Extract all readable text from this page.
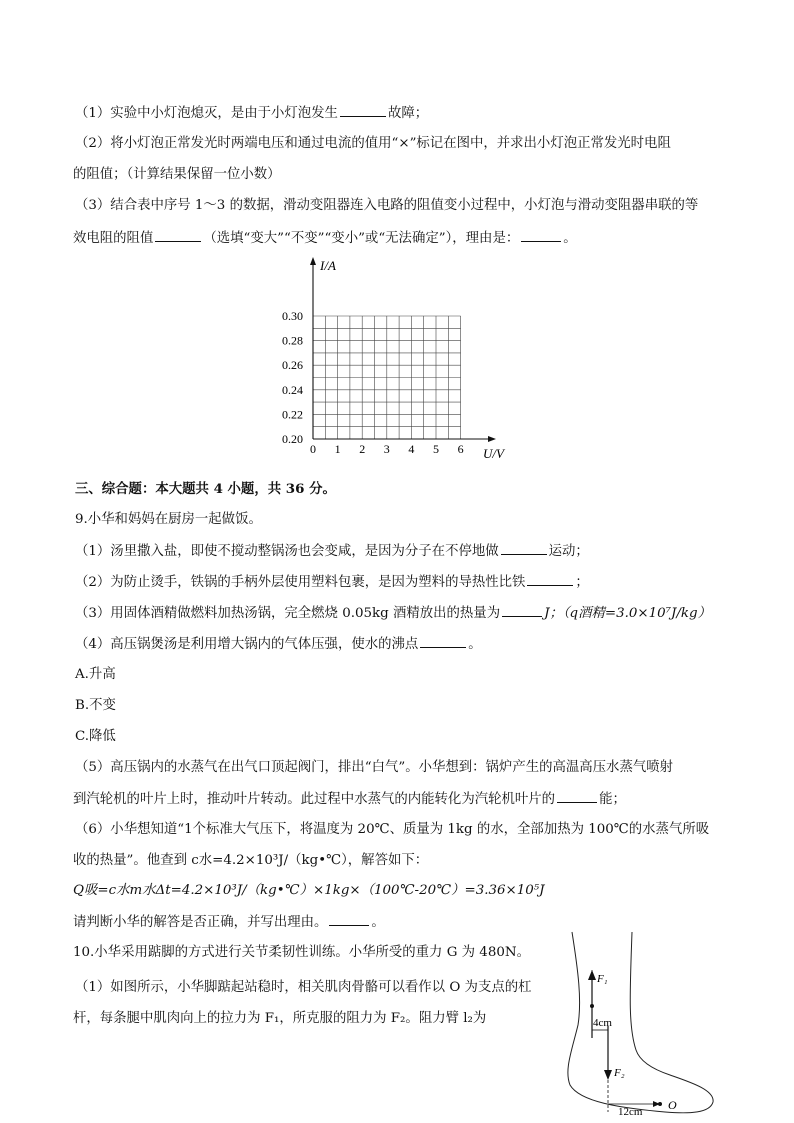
（1）实验中小灯泡熄灭，是由于小灯泡发生	故障；
（2）将小灯泡正常发光时两端电压和通过电流的值用“×”标记在图中，并求出小灯泡正常发光时电阻
的阻值；（计算结果保留一位小数）
（3）结合表中序号 1～3 的数据，滑动变阻器连入电路的阻值变小过程中，小灯泡与滑动变阻器串联的等
效电阻的阻值	（选填“变大”“不变”“变小”或“无法确定”），理由是：	。
I/A
U/V
0.30
0.28
0.26
0.24
0.22
0.20
0 1 2 3 4 5 6
三、综合题：本大题共 4 小题，共 36 分。
9.小华和妈妈在厨房一起做饭。
（1）汤里撒入盐，即使不搅动整锅汤也会变咸，是因为分子在不停地做	运动；
（2）为防止烫手，铁锅的手柄外层使用塑料包裹，是因为塑料的导热性比铁	；
（3）用固体酒精做燃料加热汤锅，完全燃烧 0.05kg 酒精放出的热量为	J；（q酒精=3.0×10⁷J/kg）
（4）高压锅煲汤是利用增大锅内的气体压强，使水的沸点	。
A.升高
B.不变
C.降低
（5）高压锅内的水蒸气在出气口顶起阀门，排出“白气”。小华想到：锅炉产生的高温高压水蒸气喷射
到汽轮机的叶片上时，推动叶片转动。此过程中水蒸气的内能转化为汽轮机叶片的	能；
（6）小华想知道“1个标准大气压下，将温度为 20℃、质量为 1kg 的水，全部加热为 100℃的水蒸气所吸
收的热量”。他查到 c水=4.2×10³J/（kg•℃），解答如下：
Q吸=c水m水Δt=4.2×10³J/（kg•℃）×1kg×（100℃-20℃）=3.36×10⁵J
请判断小华的解答是否正确，并写出理由。	。
10.小华采用踮脚的方式进行关节柔韧性训练。小华所受的重力 G 为 480N。
（1）如图所示，小华脚踮起站稳时，相关肌肉骨骼可以看作以 O 为支点的杠
杆，每条腿中肌肉向上的拉力为 F₁，所克服的阻力为 F₂。阻力臂 l₂为
F₁
4cm
F₂
12cm O
